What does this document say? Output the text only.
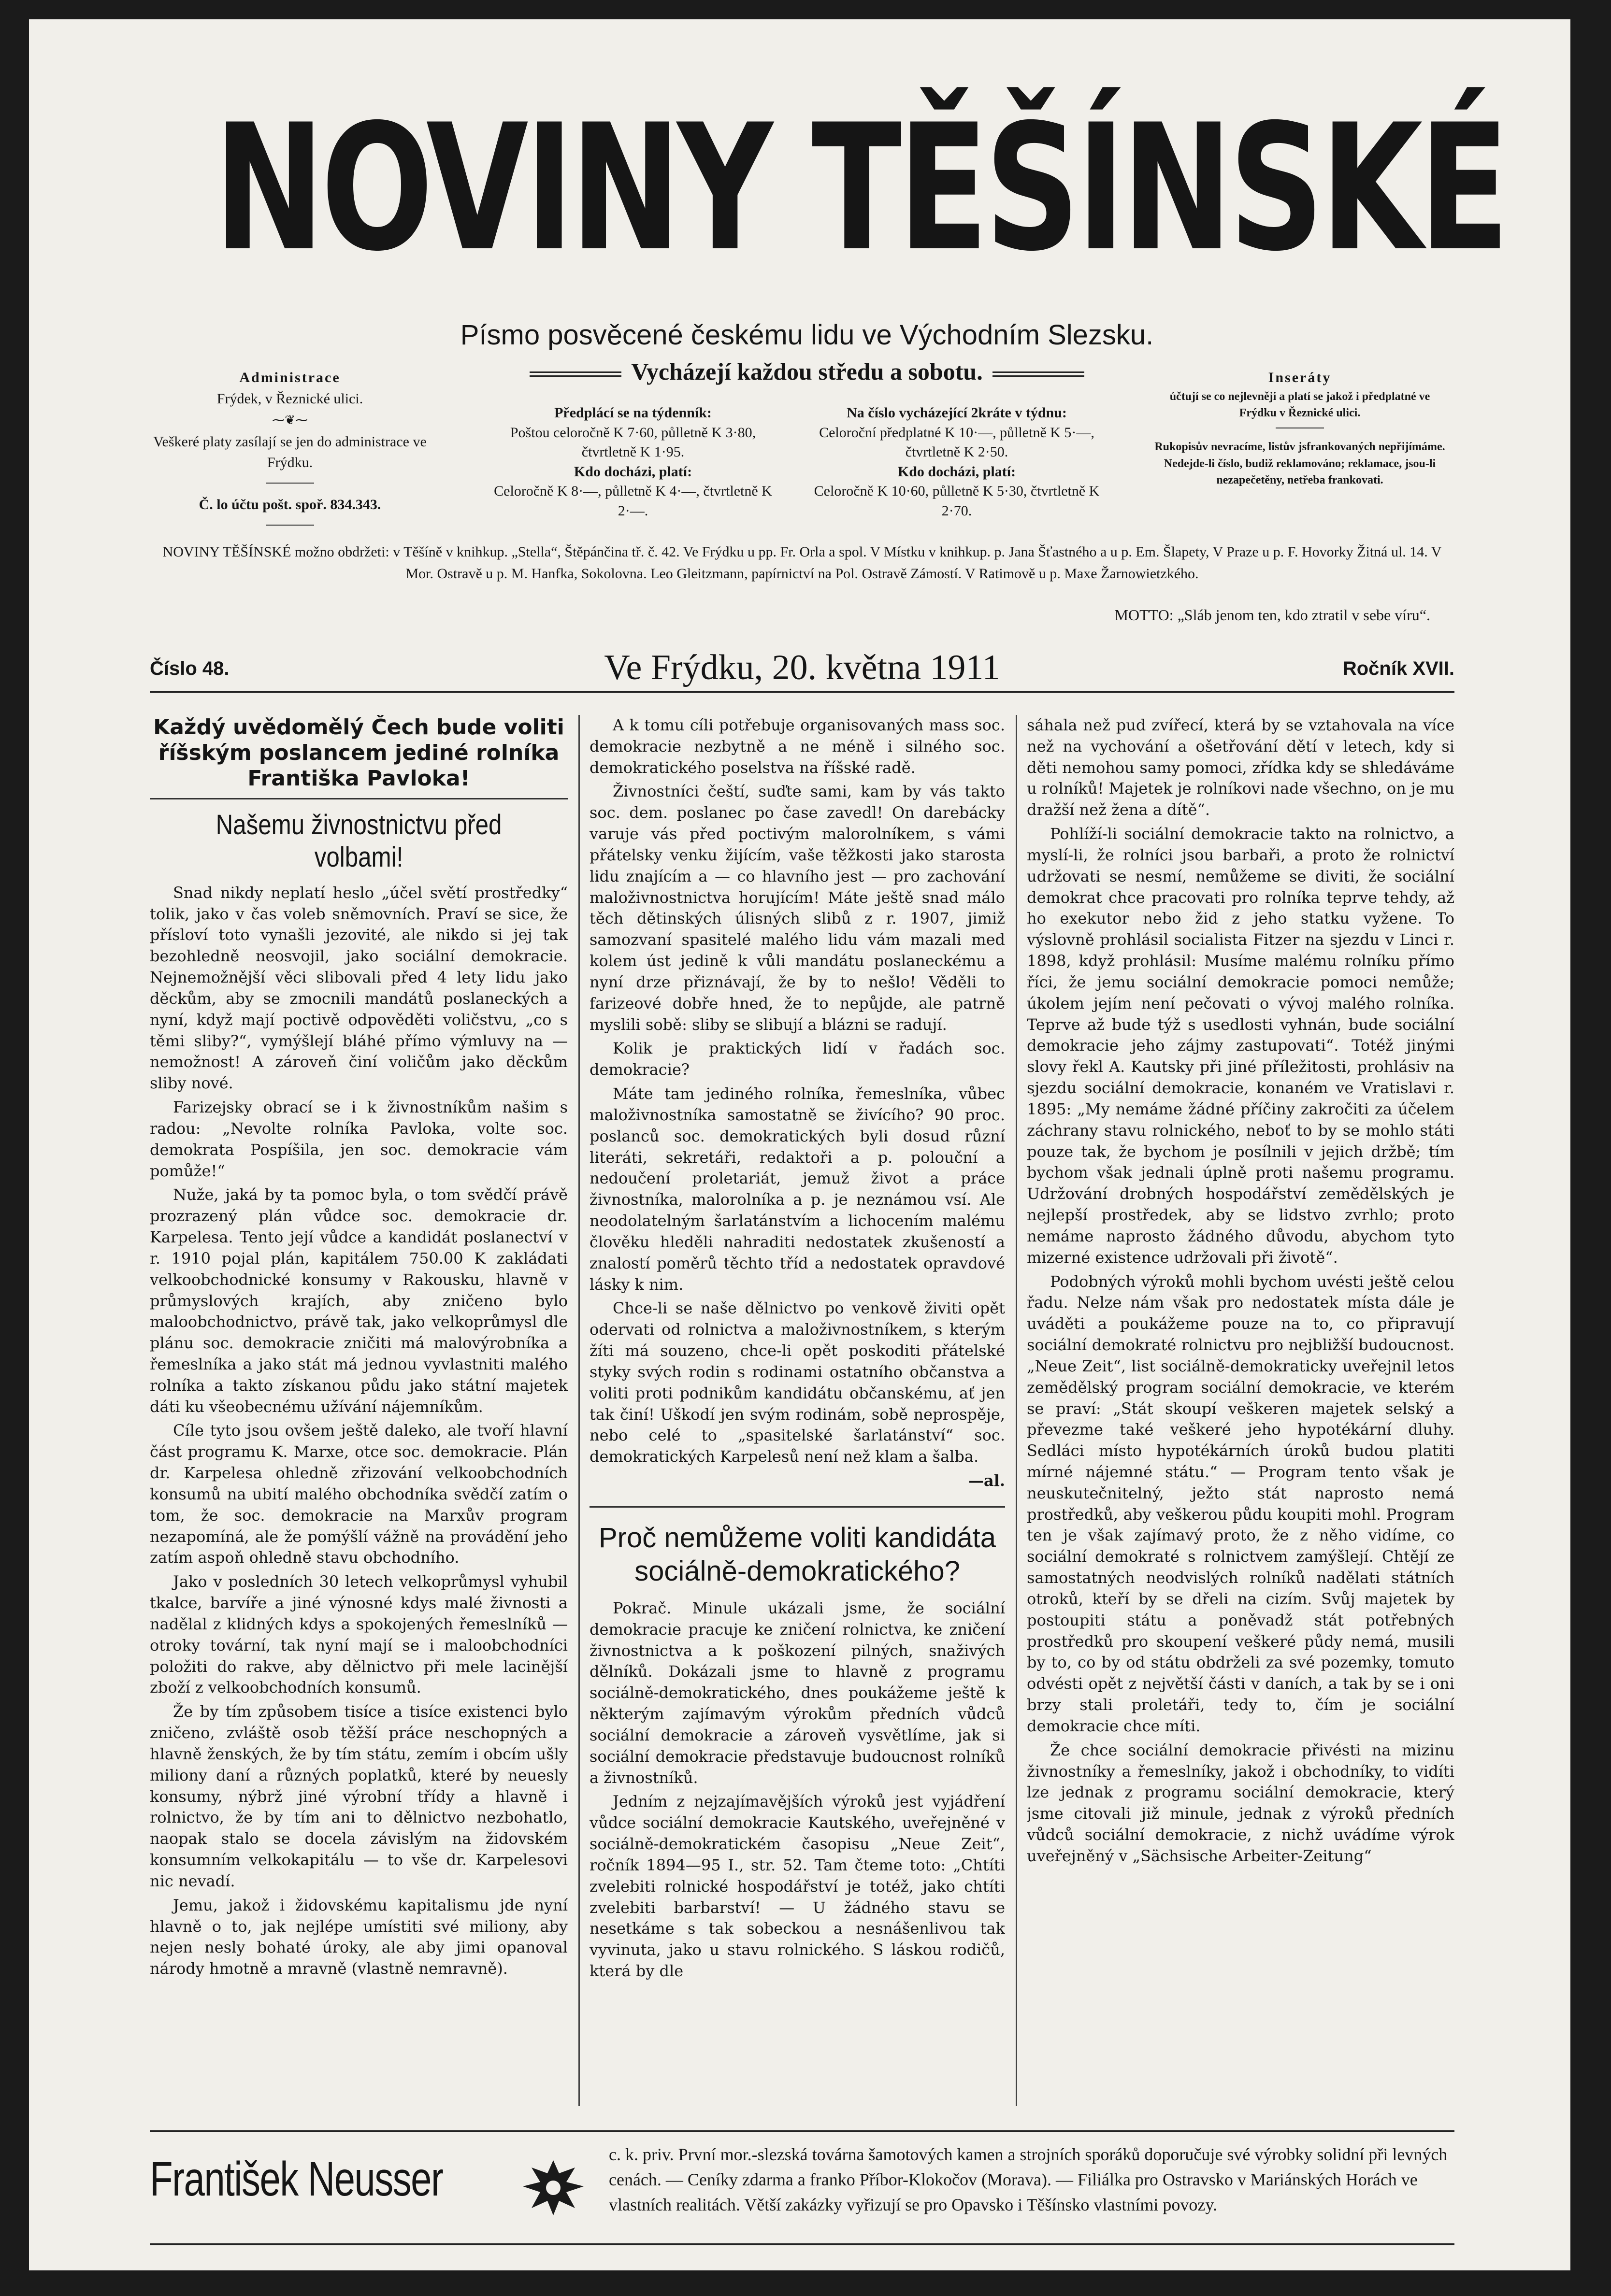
NOVINY TĚŠÍNSKÉ
Písmo posvěcené českému lidu ve Východním Slezsku.
Vycházejí každou středu a sobotu.
Administrace
Frýdek, v Řeznické ulici.
⁓❦⁓
Veškeré platy zasílají se jen do administrace ve Frýdku.
Č. lo účtu pošt. spoř. 834.343.
Předplácí se na týdenník:
Poštou celoročně K 7·60, půlletně K 3·80, čtvrtletně K 1·95.
Kdo docházi, platí:
Celoročně K 8·—, půlletně K 4·—, čtvrtletně K 2·—.
Na číslo vycházející 2kráte v týdnu:
Celoroční předplatné K 10·—, půlletně K 5·—, čtvrtletně K 2·50.
Kdo docházi, platí:
Celoročně K 10·60, půlletně K 5·30, čtvrtletně K 2·70.
Inseráty
účtují se co nejlevněji a platí se jakož i předplatné ve Frýdku v Řeznické ulici.
Rukopisův nevracíme, listův jsfrankovaných nepřijímáme. Nedejde-li číslo, budiž reklamováno; reklamace, jsou-li nezapečetěny, netřeba frankovati.
NOVINY TĚŠÍNSKÉ možno obdržeti: v Těšíně v knihkup. „Stella“, Štěpánčina tř. č. 42. Ve Frýdku u pp. Fr. Orla a spol. V Místku v knihkup. p. Jana Šťastného a u p. Em. Šlapety, V Praze u p. F. Hovorky Žitná ul. 14. V Mor. Ostravě u p. M. Hanfka, Sokolovna. Leo Gleitzmann, papírnictví na Pol. Ostravě Zámostí. V Ratimově u p. Maxe Žarnowietzkého.
MOTTO: „Sláb jenom ten, kdo ztratil v sebe víru“.
Číslo 48.	Ve Frýdku, 20. května 1911	Ročník XVII.
Každý uvědomělý Čech bude voliti říšským poslancem jediné rolníka Františka Pavloka!
Našemu živnostnictvu před volbami!

Snad nikdy neplatí heslo „účel světí prostředky“ tolik, jako v čas voleb sněmovních. Praví se sice, že přísloví toto vynašli jezovité, ale nikdo si jej tak bezohledně neosvojil, jako sociální demokracie. Nejnemožnější věci slibovali před 4 lety lidu jako děckům, aby se zmocnili mandátů poslaneckých a nyní, když mají poctivě odpověděti voličstvu, „co s těmi sliby?“, vymýšlejí bláhé přímo výmluvy na — nemožnost! A zároveň činí voličům jako děckům sliby nové.

Farizejsky obrací se i k živnostníkům našim s radou: „Nevolte rolníka Pavloka, volte soc. demokrata Pospíšila, jen soc. demokracie vám pomůže!“

Nuže, jaká by ta pomoc byla, o tom svědčí právě prozrazený plán vůdce soc. demokracie dr. Karpelesa. Tento její vůdce a kandidát poslanectví v r. 1910 pojal plán, kapitálem 750.00 K zakládati velkoobchodnické konsumy v Rakousku, hlavně v průmyslových krajích, aby zničeno bylo maloobchodnictvo, právě tak, jako velkoprůmysl dle plánu soc. demokracie zničiti má malovýrobníka a řemeslníka a jako stát má jednou vyvlastniti malého rolníka a takto získanou půdu jako státní majetek dáti ku všeobecnému užívání nájemníkům.

Cíle tyto jsou ovšem ještě daleko, ale tvoří hlavní část programu K. Marxe, otce soc. demokracie. Plán dr. Karpelesa ohledně zřizování velkoobchodních konsumů na ubití malého obchodníka svědčí zatím o tom, že soc. demokracie na Marxův program nezapomíná, ale že pomýšlí vážně na provádění jeho zatím aspoň ohledně stavu obchodního.

Jako v posledních 30 letech velkoprůmysl vyhubil tkalce, barvíře a jiné výnosné kdys malé živnosti a nadělal z klidných kdys a spokojených řemeslníků — otroky tovární, tak nyní mají se i maloobchodníci položiti do rakve, aby dělnictvo při mele lacinější zboží z velkoobchodních konsumů.

Že by tím způsobem tisíce a tisíce existenci bylo zničeno, zvláště osob těžší práce neschopných a hlavně ženských, že by tím státu, zemím i obcím ušly miliony daní a různých poplatků, které by neuesly konsumy, nýbrž jiné výrobní třídy a hlavně i rolnictvo, že by tím ani to dělnictvo nezbohatlo, naopak stalo se docela závislým na židovském konsumním velkokapitálu — to vše dr. Karpelesovi nic nevadí.

Jemu, jakož i židovskému kapitalismu jde nyní hlavně o to, jak nejlépe umístiti své miliony, aby nejen nesly bohaté úroky, ale aby jimi opanoval národy hmotně a mravně (vlastně nemravně).

A k tomu cíli potřebuje organisovaných mass soc. demokracie nezbytně a ne méně i silného soc. demokratického poselstva na říšské radě.

Živnostníci čeští, suďte sami, kam by vás takto soc. dem. poslanec po čase zavedl! On darebácky varuje vás před poctivým malorolníkem, s vámi přátelsky venku žijícím, vaše těžkosti jako starosta lidu znajícím a — co hlavního jest — pro zachování maloživnostnictva horujícím! Máte ještě snad málo těch dětinských úlisných slibů z r. 1907, jimiž samozvaní spasitelé malého lidu vám mazali med kolem úst jedině k vůli mandátu poslaneckému a nyní drze přiznávají, že by to nešlo! Věděli to farizeové dobře hned, že to nepůjde, ale patrně myslili sobě: sliby se slibují a blázni se radují.

Kolik je praktických lidí v řadách soc. demokracie?

Máte tam jediného rolníka, řemeslníka, vůbec maloživnostníka samostatně se živícího? 90 proc. poslanců soc. demokratických byli dosud různí literáti, sekretáři, redaktoři a p. polouční a nedoučení proletariát, jemuž život a práce živnostníka, malorolníka a p. je neznámou vsí. Ale neodolatelným šarlatánstvím a lichocením malému člověku hleděli nahraditi nedostatek zkušeností a znalostí poměrů těchto tříd a nedostatek opravdové lásky k nim.

Chce-li se naše dělnictvo po venkově živiti opět odervati od rolnictva a maloživnostníkem, s kterým žíti má souzeno, chce-li opět poskoditi přátelské styky svých rodin s rodinami ostatního občanstva a voliti proti podnikům kandidátu občanskému, ať jen tak činí! Uškodí jen svým rodinám, sobě neprospěje, nebo celé to „spasitelské šarlatánství“ soc. demokratických Karpelesů není než klam a šalba.

—al.
Proč nemůžeme voliti kandidáta sociálně-demokratického?

Pokrač. Minule ukázali jsme, že sociální demokracie pracuje ke zničení rolnictva, ke zničení živnostnictva a k poškození pilných, snaživých dělníků. Dokázali jsme to hlavně z programu sociálně-demokratického, dnes poukážeme ještě k některým zajímavým výrokům předních vůdců sociální demokracie a zároveň vysvětlíme, jak si sociální demokracie představuje budoucnost rolníků a živnostníků.

Jedním z nejzajímavějších výroků jest vyjádření vůdce sociální demokracie Kautského, uveřejněné v sociálně-demokratickém časopisu „Neue Zeit“, ročník 1894—95 I., str. 52. Tam čteme toto: „Chtíti zvelebiti rolnické hospodářství je totéž, jako chtíti zvelebiti barbarství! — U žádného stavu se nesetkáme s tak sobeckou a nesnášenlivou tak vyvinuta, jako u stavu rolnického. S láskou rodičů, která by dle

sáhala než pud zvířecí, která by se vztahovala na více než na vychování a ošetřování dětí v letech, kdy si děti nemohou samy pomoci, zřídka kdy se shledáváme u rolníků! Majetek je rolníkovi nade všechno, on je mu dražší než žena a dítě“.

Pohlíží-li sociální demokracie takto na rolnictvo, a myslí-li, že rolníci jsou barbaři, a proto že rolnictví udržovati se nesmí, nemůžeme se diviti, že sociální demokrat chce pracovati pro rolníka teprve tehdy, až ho exekutor nebo žid z jeho statku vyžene. To výslovně prohlásil socialista Fitzer na sjezdu v Linci r. 1898, když prohlásil: Musíme malému rolníku přímo říci, že jemu sociální demokracie pomoci nemůže; úkolem jejím není pečovati o vývoj malého rolníka. Teprve až bude týž s usedlosti vyhnán, bude sociální demokracie jeho zájmy zastupovati“. Totéž jinými slovy řekl A. Kautsky při jiné příležitosti, prohlásiv na sjezdu sociální demokracie, konaném ve Vratislavi r. 1895: „My nemáme žádné příčiny zakročiti za účelem záchrany stavu rolnického, neboť to by se mohlo státi pouze tak, že bychom je posílnili v jejich držbě; tím bychom však jednali úplně proti našemu programu. Udržování drobných hospodářství zemědělských je nejlepší prostředek, aby se lidstvo zvrhlo; proto nemáme naprosto žádného důvodu, abychom tyto mizerné existence udržovali při životě“.

Podobných výroků mohli bychom uvésti ještě celou řadu. Nelze nám však pro nedostatek místa dále je uváděti a poukážeme pouze na to, co připravují sociální demokraté rolnictvu pro nejbližší budoucnost. „Neue Zeit“, list sociálně-demokraticky uveřejnil letos zemědělský program sociální demokracie, ve kterém se praví: „Stát skoupí veškeren majetek selský a převezme také veškeré jeho hypotékární dluhy. Sedláci místo hypotékárních úroků budou platiti mírné nájemné státu.“ — Program tento však je neuskutečnitelný, ježto stát naprosto nemá prostředků, aby veškerou půdu koupiti mohl. Program ten je však zajímavý proto, že z něho vidíme, co sociální demokraté s rolnictvem zamýšlejí. Chtějí ze samostatných neodvislých rolníků nadělati státních otroků, kteří by se dřeli na cizím. Svůj majetek by postoupiti státu a poněvadž stát potřebných prostředků pro skoupení veškeré půdy nemá, musili by to, co by od státu obdrželi za své pozemky, tomuto odvésti opět z největší části v daních, a tak by se i oni brzy stali proletáři, tedy to, čím je sociální demokracie chce míti.

Že chce sociální demokracie přivésti na mizinu živnostníky a řemeslníky, jakož i obchodníky, to vidíti lze jednak z programu sociální demokracie, který jsme citovali již minule, jednak z výroků předních vůdců sociální demokracie, z nichž uvádíme výrok uveřejněný v „Sächsische Arbeiter-Zeitung“

František Neusser	c. k. priv. První mor.-slezská továrna šamotových kamen a strojních sporáků doporučuje své výrobky solidní při levných cenách. — Ceníky zdarma a franko Příbor-Klokočov (Morava). — Filiálka pro Ostravsko v Mariánských Horách ve vlastních realitách. Větší zakázky vyřizují se pro Opavsko i Těšínsko vlastními povozy.
